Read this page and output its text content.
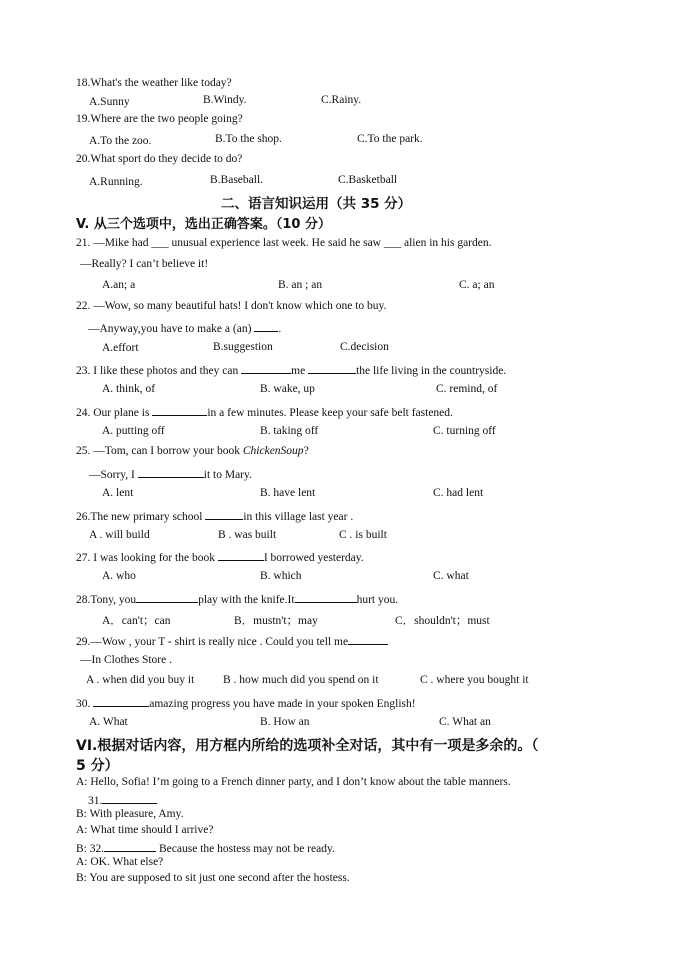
18.What's the weather like today?
A.Sunny	B.Windy.	C.Rainy.
19.Where are the two people going?
A.To the zoo.	B.To the shop.	C.To the park.
20.What sport do they decide to do?
A.Running.	B.Baseball.	C.Basketball
二、语言知识运用（共 35 分）
V. 从三个选项中，选出正确答案。（10 分）
21. —Mike had ___ unusual experience last week. He said he saw ___ alien in his garden.
—Really? I can’t believe it!
A.an; a	B. an ; an	C. a; an
22. —Wow, so many beautiful hats! I don't know which one to buy.
—Anyway,you have to make a (an) .
A.effort	B.suggestion	C.decision
23. I like these photos and they can	me	the life living in the countryside.
A. think, of	B. wake, up	C. remind, of
24. Our plane is	in a few minutes. Please keep your safe belt fastened.
A. putting off	B. taking off	C. turning off
25. —Tom, can I borrow your book ChickenSoup?
—Sorry, I	it to Mary.
A. lent	B. have lent	C. had lent
26.The new primary school	in this village last year .
A . will build	B . was built	C . is built
27. I was looking for the book	I borrowed yesterday.
A. who	B. which	C. what
28.Tony, you	play with the knife.It	hurt you.
A．can't；can	B．mustn't；may	C．shouldn't；must
29.—Wow , your T - shirt is really nice . Could you tell me
—In Clothes Store .
A . when did you buy it B . how much did you spend on it	C . where you bought it
30.	amazing progress you have made in your spoken English!
A. What	B. How an	C. What an
VI.根据对话内容，用方框内所给的选项补全对话，其中有一项是多余的。（
5 分）
A: Hello, Sofia! I’m going to a French dinner party, and I don’t know about the table manners.
31.
B: With pleasure, Amy.
A: What time should I arrive?
B: 32.	Because the hostess may not be ready.
A: OK. What else?
B: You are supposed to sit just one second after the hostess.
